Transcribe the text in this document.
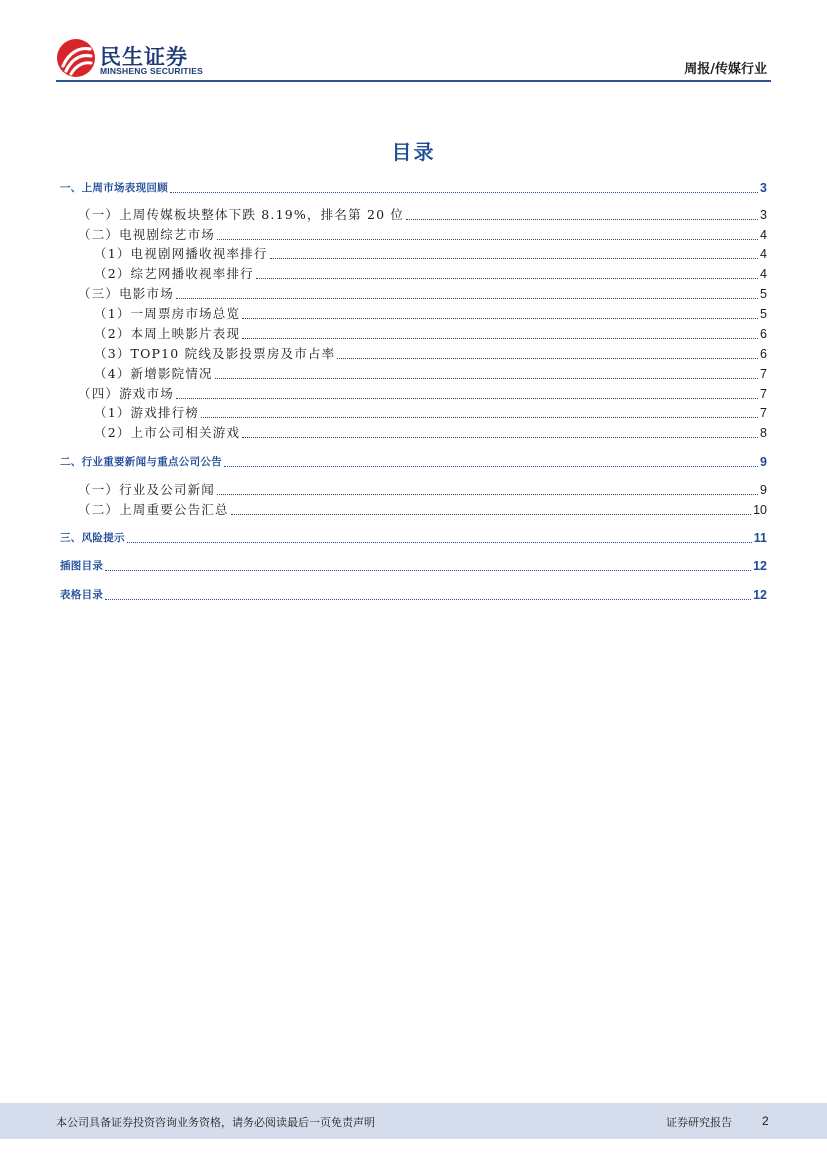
民生证券
MINSHENG SECURITIES	周报/传媒行业
目录
一、上周市场表现回顾	3
（一）上周传媒板块整体下跌 8.19%，排名第 20 位	3
（二）电视剧综艺市场	4
（1）电视剧网播收视率排行	4
（2）综艺网播收视率排行	4
（三）电影市场	5
（1）一周票房市场总览	5
（2）本周上映影片表现	6
（3）TOP10 院线及影投票房及市占率	6
（4）新增影院情况	7
（四）游戏市场	7
（1）游戏排行榜	7
（2）上市公司相关游戏	8
二、行业重要新闻与重点公司公告	9
（一）行业及公司新闻	9
（二）上周重要公告汇总	10
三、风险提示	11
插图目录	12
表格目录	12
本公司具备证券投资咨询业务资格，请务必阅读最后一页免责声明	证券研究报告	2
